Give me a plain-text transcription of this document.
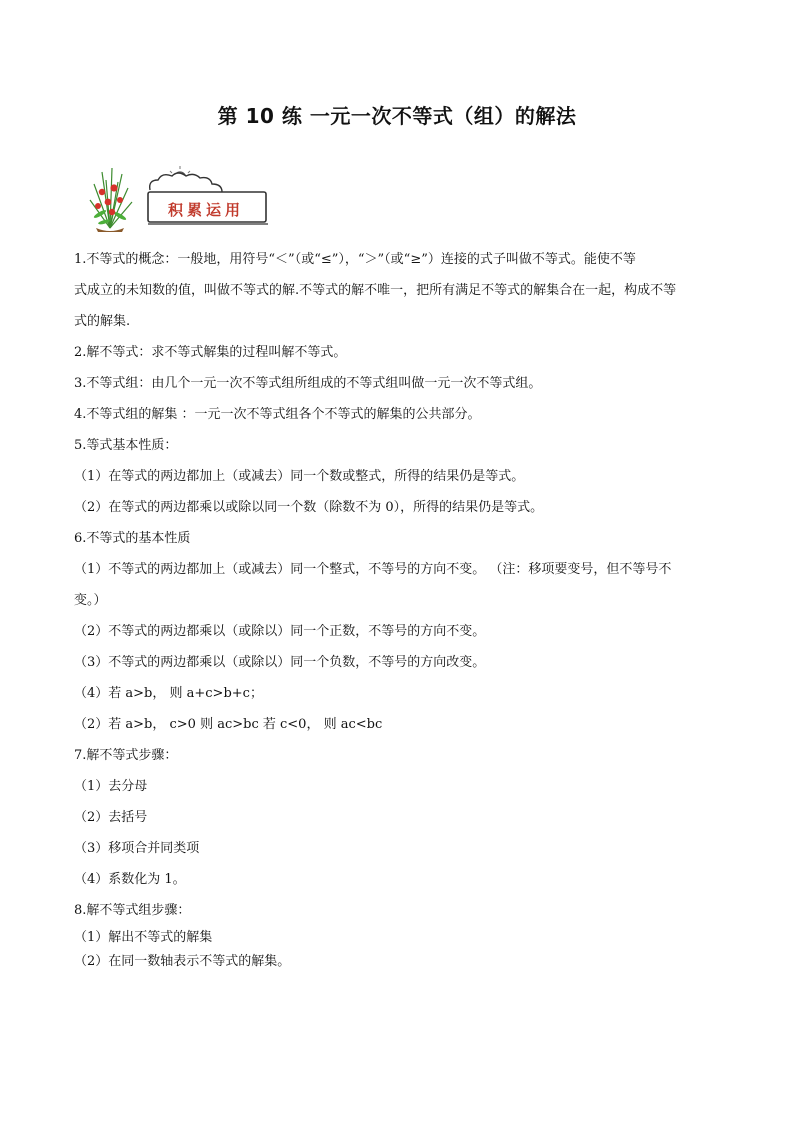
第 10 练 一元一次不等式（组）的解法
积累运用

1.不等式的概念：一般地，用符号“＜”（或“≤”），“＞”（或“≥”）连接的式子叫做不等式。能使不等

式成立的未知数的值，叫做不等式的解.不等式的解不唯一，把所有满足不等式的解集合在一起，构成不等

式的解集.

2.解不等式：求不等式解集的过程叫解不等式。

3.不等式组：由几个一元一次不等式组所组成的不等式组叫做一元一次不等式组。

4.不等式组的解集 ：一元一次不等式组各个不等式的解集的公共部分。

5.等式基本性质：

（1）在等式的两边都加上（或减去）同一个数或整式，所得的结果仍是等式。

（2）在等式的两边都乘以或除以同一个数（除数不为 0），所得的结果仍是等式。

6.不等式的基本性质

（1）不等式的两边都加上（或减去）同一个整式，不等号的方向不变。 （注：移项要变号，但不等号不

变。）

（2）不等式的两边都乘以（或除以）同一个正数，不等号的方向不变。

（3）不等式的两边都乘以（或除以）同一个负数，不等号的方向改变。

（4）若 a>b， 则 a+c>b+c；

（2）若 a>b， c>0 则 ac>bc 若 c<0， 则 ac<bc

7.解不等式步骤：

（1）去分母

（2）去括号

（3）移项合并同类项

（4）系数化为 1。

8.解不等式组步骤：

（1）解出不等式的解集

（2）在同一数轴表示不等式的解集。
